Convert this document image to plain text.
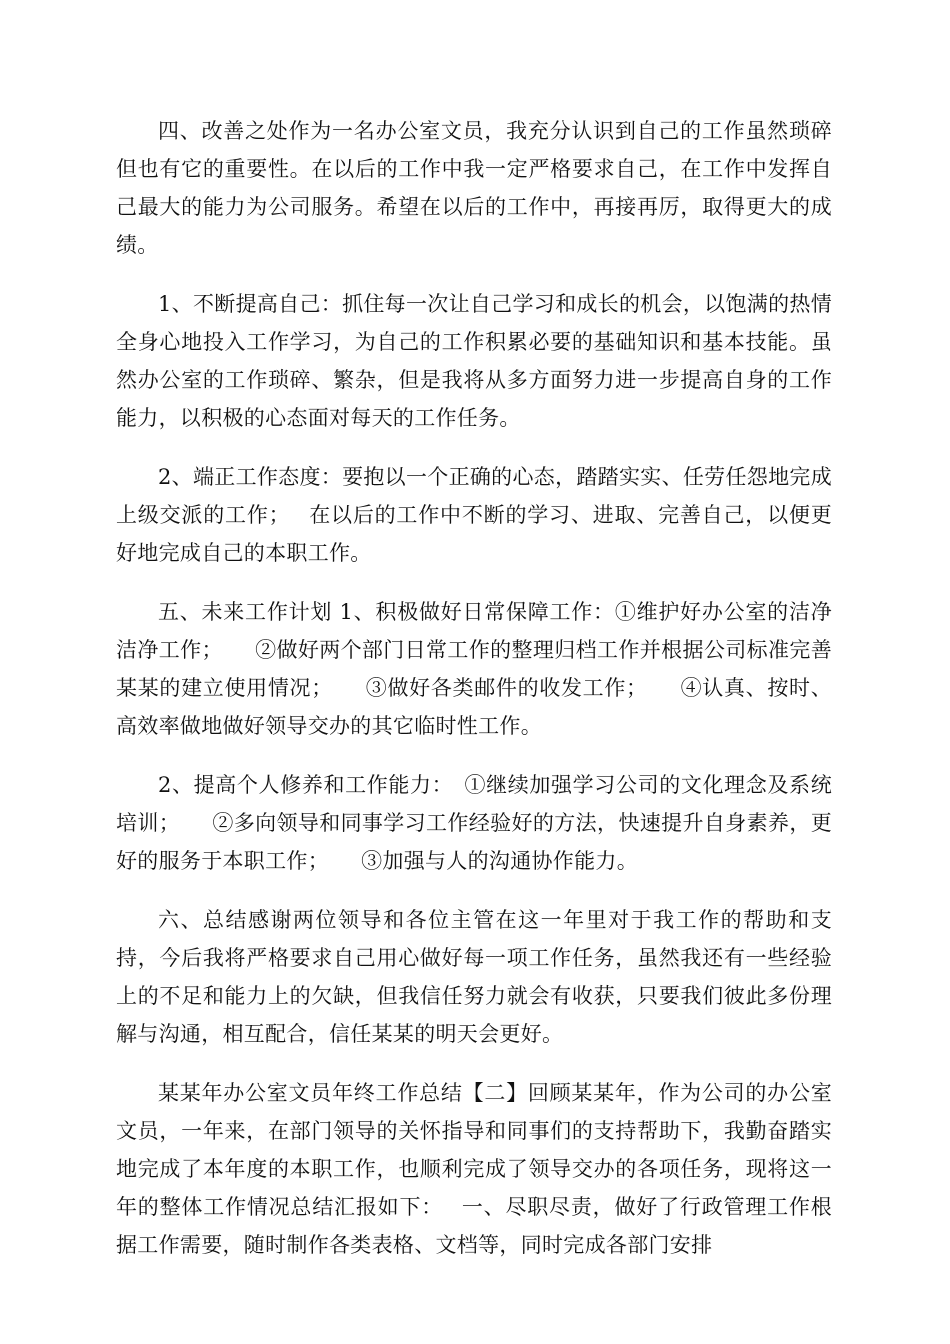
四、改善之处作为一名办公室文员，我充分认识到自己的工作虽然琐碎但也有它的重要性。在以后的工作中我一定严格要求自己，在工作中发挥自己最大的能力为公司服务。希望在以后的工作中，再接再厉，取得更大的成绩。

1、不断提高自己：抓住每一次让自己学习和成长的机会，以饱满的热情全身心地投入工作学习，为自己的工作积累必要的基础知识和基本技能。虽然办公室的工作琐碎、繁杂，但是我将从多方面努力进一步提高自身的工作能力，以积极的心态面对每天的工作任务。

2、端正工作态度：要抱以一个正确的心态，踏踏实实、任劳任怨地完成上级交派的工作；　 在以后的工作中不断的学习、进取、完善自己，以便更好地完成自己的本职工作。

五、未来工作计划 1、积极做好日常保障工作：①维护好办公室的洁净洁净工作；　　②做好两个部门日常工作的整理归档工作并根据公司标准完善某某的建立使用情况；　　③做好各类邮件的收发工作；　　④认真、按时、高效率做地做好领导交办的其它临时性工作。

2、提高个人修养和工作能力：　①继续加强学习公司的文化理念及系统培训；　　②多向领导和同事学习工作经验好的方法，快速提升自身素养，更好的服务于本职工作；　　③加强与人的沟通协作能力。

六、总结感谢两位领导和各位主管在这一年里对于我工作的帮助和支持，今后我将严格要求自己用心做好每一项工作任务，虽然我还有一些经验上的不足和能力上的欠缺，但我信任努力就会有收获，只要我们彼此多份理解与沟通，相互配合，信任某某的明天会更好。

某某年办公室文员年终工作总结【二】回顾某某年，作为公司的办公室文员，一年来，在部门领导的关怀指导和同事们的支持帮助下，我勤奋踏实地完成了本年度的本职工作，也顺利完成了领导交办的各项任务，现将这一年的整体工作情况总结汇报如下：　 一、尽职尽责，做好了行政管理工作根据工作需要，随时制作各类表格、文档等，同时完成各部门安排
